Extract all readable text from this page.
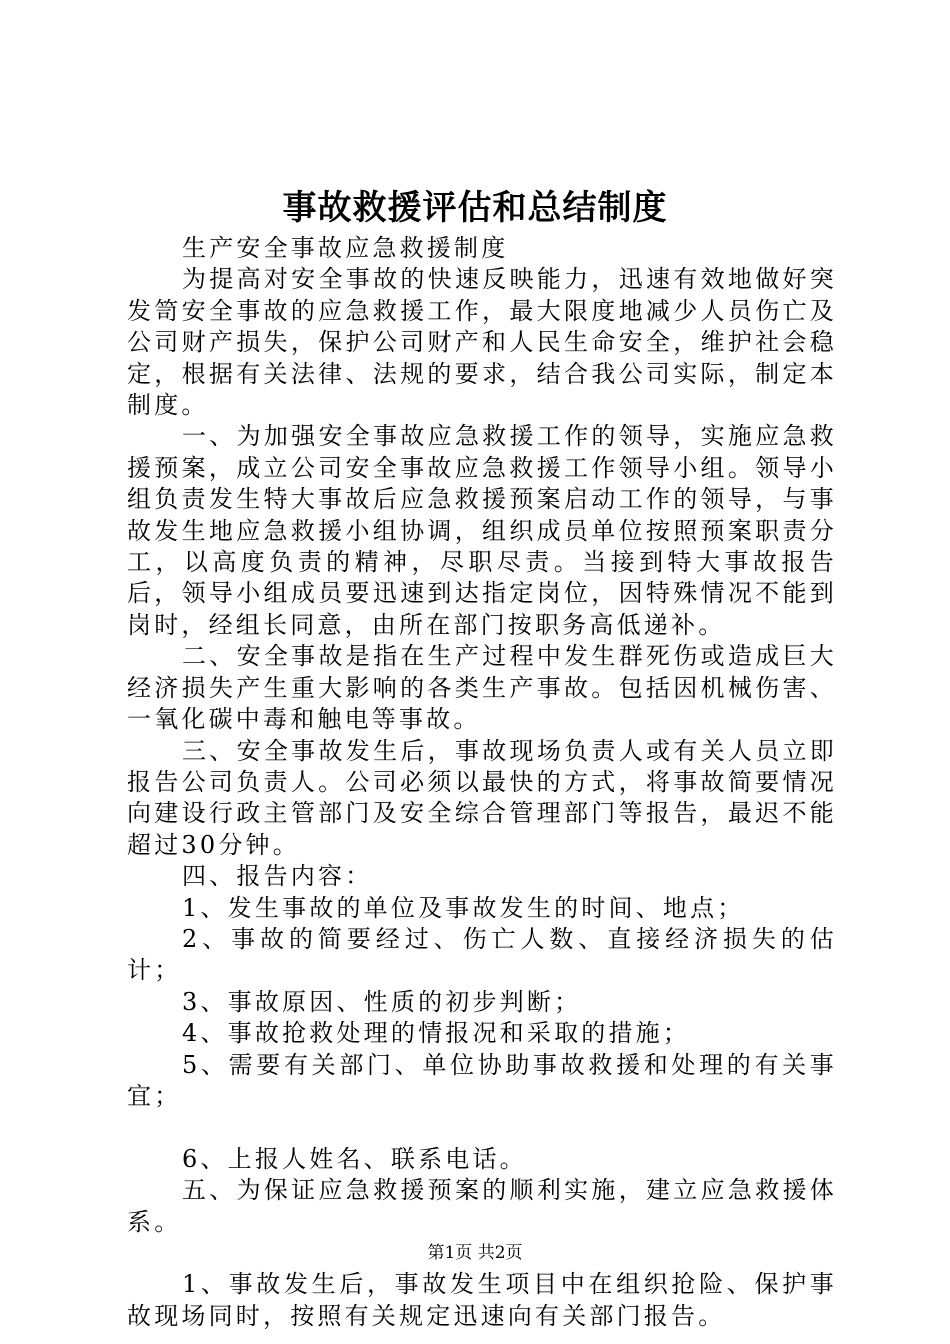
事故救援评估和总结制度

生产安全事故应急救援制度

为提高对安全事故的快速反映能力，迅速有效地做好突发笥安全事故的应急救援工作，最大限度地减少人员伤亡及公司财产损失，保护公司财产和人民生命安全，维护社会稳定，根据有关法律、法规的要求，结合我公司实际，制定本制度。

一、为加强安全事故应急救援工作的领导，实施应急救援预案，成立公司安全事故应急救援工作领导小组。领导小组负责发生特大事故后应急救援预案启动工作的领导，与事故发生地应急救援小组协调，组织成员单位按照预案职责分工，以高度负责的精神，尽职尽责。当接到特大事故报告后，领导小组成员要迅速到达指定岗位，因特殊情况不能到岗时，经组长同意，由所在部门按职务高低递补。

二、安全事故是指在生产过程中发生群死伤或造成巨大经济损失产生重大影响的各类生产事故。包括因机械伤害、一氧化碳中毒和触电等事故。

三、安全事故发生后，事故现场负责人或有关人员立即报告公司负责人。公司必须以最快的方式，将事故简要情况向建设行政主管部门及安全综合管理部门等报告，最迟不能超过30分钟。

四、报告内容：

1、发生事故的单位及事故发生的时间、地点；

2、事故的简要经过、伤亡人数、直接经济损失的估计；

3、事故原因、性质的初步判断；

4、事故抢救处理的情报况和采取的措施；

5、需要有关部门、单位协助事故救援和处理的有关事宜；

6、上报人姓名、联系电话。

五、为保证应急救援预案的顺利实施，建立应急救援体系。

1、事故发生后，事故发生项目中在组织抢险、保护事故现场同时，按照有关规定迅速向有关部门报告。

第1页 共2页
